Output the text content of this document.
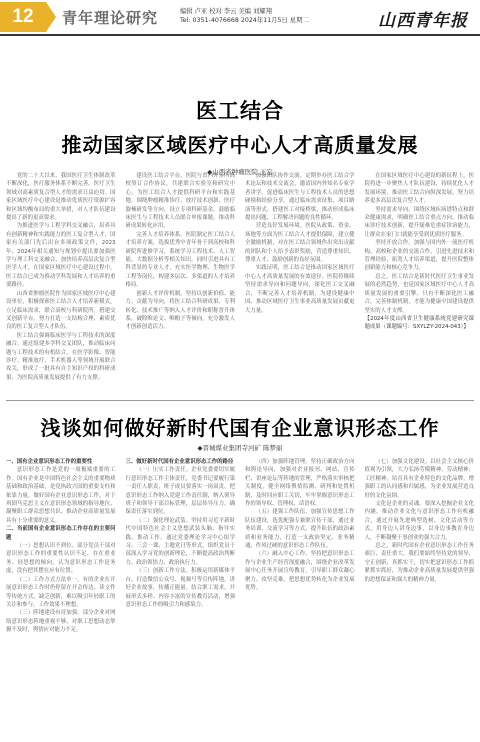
12	青年理论研究	编辑 卢亚 校对 李云 美编 刘耀翔
Tel: 0351-4076668 2024年11月5日 星期二	山西青年报
医工结合
推动国家区域医疗中心人才高质量发展
◆山西省肿瘤医院 王宏

党的二十大以来，我国医疗卫生体制改革不断深化，医疗服务体系不断完善，医疗卫生领域对高素质复合型人才的需求日益迫切。国家区域医疗中心建设是推动优质医疗资源扩容和区域均衡布局的重大举措，对人才队伍建设提出了新的更高要求。

为推进医学与工程学科交叉融合，培养具有创新精神和实践能力的医工复合型人才，国家有关部门先后出台多项政策文件，2023年、2024年相关通知与规划中提出要加强医学与理工科交叉融合，加快培养高层次复合型医学人才，在国家区域医疗中心建设过程中，医工结合已成为推动学科发展和人才培养的重要路径。

山西省肿瘤医院作为国家区域医疗中心建设单位，积极探索医工结合人才培养新模式，立足临床需求，联合高校与科研院所，搭建交叉创新平台，努力打造一支结构合理、素质优良的医工复合型人才队伍。

医工结合强调临床医学与工程技术的深度融合。通过组建多学科交叉团队，推动临床问题与工程技术的有机结合，在医学影像、智能诊疗、精准放疗、手术机器人等领域开展联合攻关，形成了一批具有自主知识产权的科研成果，为医院高质量发展提供了有力支撑。

建设医工结合平台。医院与省内外多所高校签订合作协议，共建联合实验室和研究中心，为医工结合人才提供科研平台和实践基地。围绕肿瘤精准诊疗、放疗技术创新、医疗器械研发等方向，设立专项科研基金，鼓励临床医生与工程技术人员联合申报课题，推动科研成果转化应用。

完善人才培养体系。医院制定医工结合人才培养方案，选拔优秀中青年骨干到高校和科研院所进修学习，系统学习工程技术、人工智能、大数据分析等相关知识。同时引进具有工科背景的专业人才，充实医学物理、生物医学工程等岗位，构建多层次、多渠道的人才培养格局。

创新人才评价机制。坚持以创新价值、能力、贡献为导向，将医工结合科研成果、专利转化、技术推广等纳入人才评价和职称晋升体系，破除唯论文、唯帽子等倾向，充分激发人才创新创造活力。

加强团队协作交流。定期举办医工结合学术论坛和技术交流会，邀请国内外知名专家学者讲学，促进临床医生与工程技术人员的思想碰撞和经验分享。通过临床需求征集、项目路演等形式，搭建医工对接桥梁，推动形成临床提出问题、工程解决问题的良性循环。

营造良好发展环境。医院从政策、资金、场地等方面为医工结合人才提供保障，建立健全激励机制，对在医工结合领域作出突出贡献的团队和个人给予表彰奖励，营造尊重知识、尊重人才、鼓励创新的良好氛围。

实践证明，医工结合是推动国家区域医疗中心人才高质量发展的有效途径。医院将继续坚持需求导向和问题导向，深化医工交叉融合，不断完善人才培养机制，为建设健康中国、推动区域医疗卫生事业高质量发展贡献更大力量。

在国家区域医疗中心建设的新征程上，医院将进一步聚焦人才队伍建设，持续优化人才发展环境，推动医工结合向纵深发展，努力培养更多高层次复合型人才。

坚持需求导向。围绕区域疾病谱特点和群众健康需求，明确医工结合重点方向，推动临床诊疗技术创新，提升疑难危重症诊治能力，让群众在家门口就能享受到优质医疗服务。

坚持开放合作。加强与国内外一流医疗机构、高校和企业的交流合作，引进先进技术和管理经验，拓宽人才培养渠道，提升医院整体创新能力和核心竞争力。

总之，医工结合是新时代医疗卫生事业发展的必然趋势，也是国家区域医疗中心人才高质量发展的重要引擎。只有不断深化医工融合，完善体制机制，才能为健康中国建设提供坚实的人才支撑。

【2024年度山西省卫生健康系统党建研究课题成果（课题编号：SXYLZY-2024-043）】

浅谈如何做好新时代国有企业意识形态工作
◆晋城煤业集团寺河矿 陈梦丽

一、国有企业意识形态工作的重要性

意识形态工作是党的一项极端重要的工作。国有企业是中国特色社会主义的重要物质基础和政治基础，是党执政兴国的重要支柱和依靠力量。做好国有企业意识形态工作，对于巩固马克思主义在意识形态领域的指导地位、凝聚职工群众思想共识、推动企业高质量发展具有十分重要的意义。

二、当前国有企业意识形态工作存在的主要问题

（一）思想认识不到位。部分党员干部对意识形态工作的重要性认识不足，存在重业务、轻思想的倾向，认为意识形态工作是务虚，没有把其摆在应有位置。

（二）工作方式方法单一。有的企业在开展意识形态工作时仍停留在开会传达、读文件等传统方式，缺乏创新，难以吸引年轻职工的关注和参与，工作效果不理想。

（三）阵地建设有待加强。部分企业对网络意识形态阵地重视不够，对职工思想动态掌握不及时，舆情应对能力不足。

三、做好新时代国有企业意识形态工作的路径

（一）压实工作责任。企业党委要切实履行意识形态工作主体责任，党委书记要履行第一责任人职责，班子成员要落实一岗双责，把意识形态工作纳入党建工作责任制，纳入领导班子和领导干部目标管理，层层传导压力，确保责任落实到位。

（二）强化理论武装。坚持用习近平新时代中国特色社会主义思想武装头脑、指导实践、推动工作。通过党委理论学习中心组学习、三会一课、主题党日等形式，组织党员干部深入学习党的创新理论，不断提高政治判断力、政治领悟力、政治执行力。

（三）创新工作方法。积极运用新媒体平台，打造微信公众号、视频号等宣传阵地，讲好企业故事，传播正能量。结合职工需求，开展形式多样、内容丰富的宣传教育活动，增强意识形态工作的吸引力和感染力。

（四）加强阵地管理。坚持正确政治方向和舆论导向，加强对企业报刊、网站、宣传栏、讲座论坛等阵地的管理，严格落实审核把关制度。健全网络舆情监测、研判和处置机制，及时回应职工关切，牢牢掌握意识形态工作的领导权、管理权、话语权。

（五）建强工作队伍。加强宣传思想工作队伍建设，选优配强专兼职宣传干部，通过业务培训、交流学习等方式，提升队伍的政治素质和业务能力，打造一支政治坚定、业务精通、作风过硬的意识形态工作队伍。

（六）融入中心工作。坚持把意识形态工作与企业生产经营深度融合，围绕企业改革发展中心任务开展宣传教育，引导职工群众凝心聚力、攻坚克难，把思想优势转化为企业发展优势。

（七）加强文化建设。以社会主义核心价值观为引领，大力弘扬劳模精神、劳动精神、工匠精神，培育具有企业特色的文化品牌，增强职工的认同感和归属感，为企业发展营造良好的文化氛围。

文化是企业的灵魂。要深入挖掘企业文化内涵，推动企业文化与意识形态工作有机融合，通过开展先进典型选树、文化活动等方式，用身边人讲身边事，以身边事教育身边人，不断凝聚干事创业的强大合力。

总之，新时代国有企业意识形态工作任务艰巨、责任重大。我们要始终坚持党的领导，守正创新、真抓实干，切实把意识形态工作抓紧抓实抓好，为推动企业高质量发展提供坚强的思想保证和强大的精神力量。
